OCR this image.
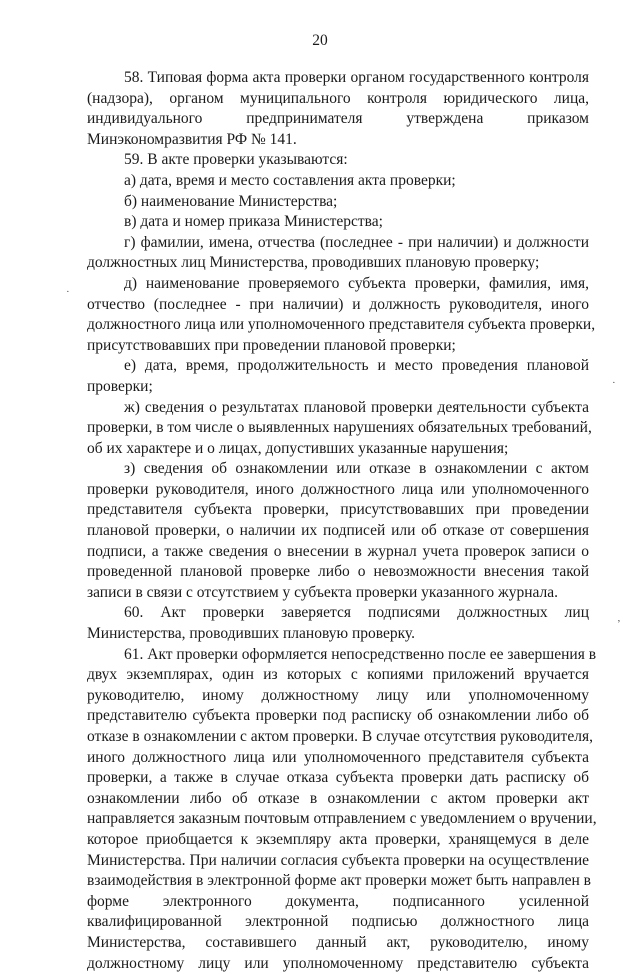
20
58. Типовая форма акта проверки органом государственного контроля
(надзора), органом муниципального контроля юридического лица,
индивидуального предпринимателя утверждена приказом
Минэкономразвития РФ № 141.
59. В акте проверки указываются:
а) дата, время и место составления акта проверки;
б) наименование Министерства;
в) дата и номер приказа Министерства;
г) фамилии, имена, отчества (последнее - при наличии) и должности
должностных лиц Министерства, проводивших плановую проверку;
д) наименование проверяемого субъекта проверки, фамилия, имя,
отчество (последнее - при наличии) и должность руководителя, иного
должностного лица или уполномоченного представителя субъекта проверки,
присутствовавших при проведении плановой проверки;
е) дата, время, продолжительность и место проведения плановой
проверки;
ж) сведения о результатах плановой проверки деятельности субъекта
проверки, в том числе о выявленных нарушениях обязательных требований,
об их характере и о лицах, допустивших указанные нарушения;
з) сведения об ознакомлении или отказе в ознакомлении с актом
проверки руководителя, иного должностного лица или уполномоченного
представителя субъекта проверки, присутствовавших при проведении
плановой проверки, о наличии их подписей или об отказе от совершения
подписи, а также сведения о внесении в журнал учета проверок записи о
проведенной плановой проверке либо о невозможности внесения такой
записи в связи с отсутствием у субъекта проверки указанного журнала.
60. Акт проверки заверяется подписями должностных лиц
Министерства, проводивших плановую проверку.
61. Акт проверки оформляется непосредственно после ее завершения в
двух экземплярах, один из которых с копиями приложений вручается
руководителю, иному должностному лицу или уполномоченному
представителю субъекта проверки под расписку об ознакомлении либо об
отказе в ознакомлении с актом проверки. В случае отсутствия руководителя,
иного должностного лица или уполномоченного представителя субъекта
проверки, а также в случае отказа субъекта проверки дать расписку об
ознакомлении либо об отказе в ознакомлении с актом проверки акт
направляется заказным почтовым отправлением с уведомлением о вручении,
которое приобщается к экземпляру акта проверки, хранящемуся в деле
Министерства. При наличии согласия субъекта проверки на осуществление
взаимодействия в электронной форме акт проверки может быть направлен в
форме электронного документа, подписанного усиленной
квалифицированной электронной подписью должностного лица
Министерства, составившего данный акт, руководителю, иному
должностному лицу или уполномоченному представителю субъекта
·
·
ʼ
